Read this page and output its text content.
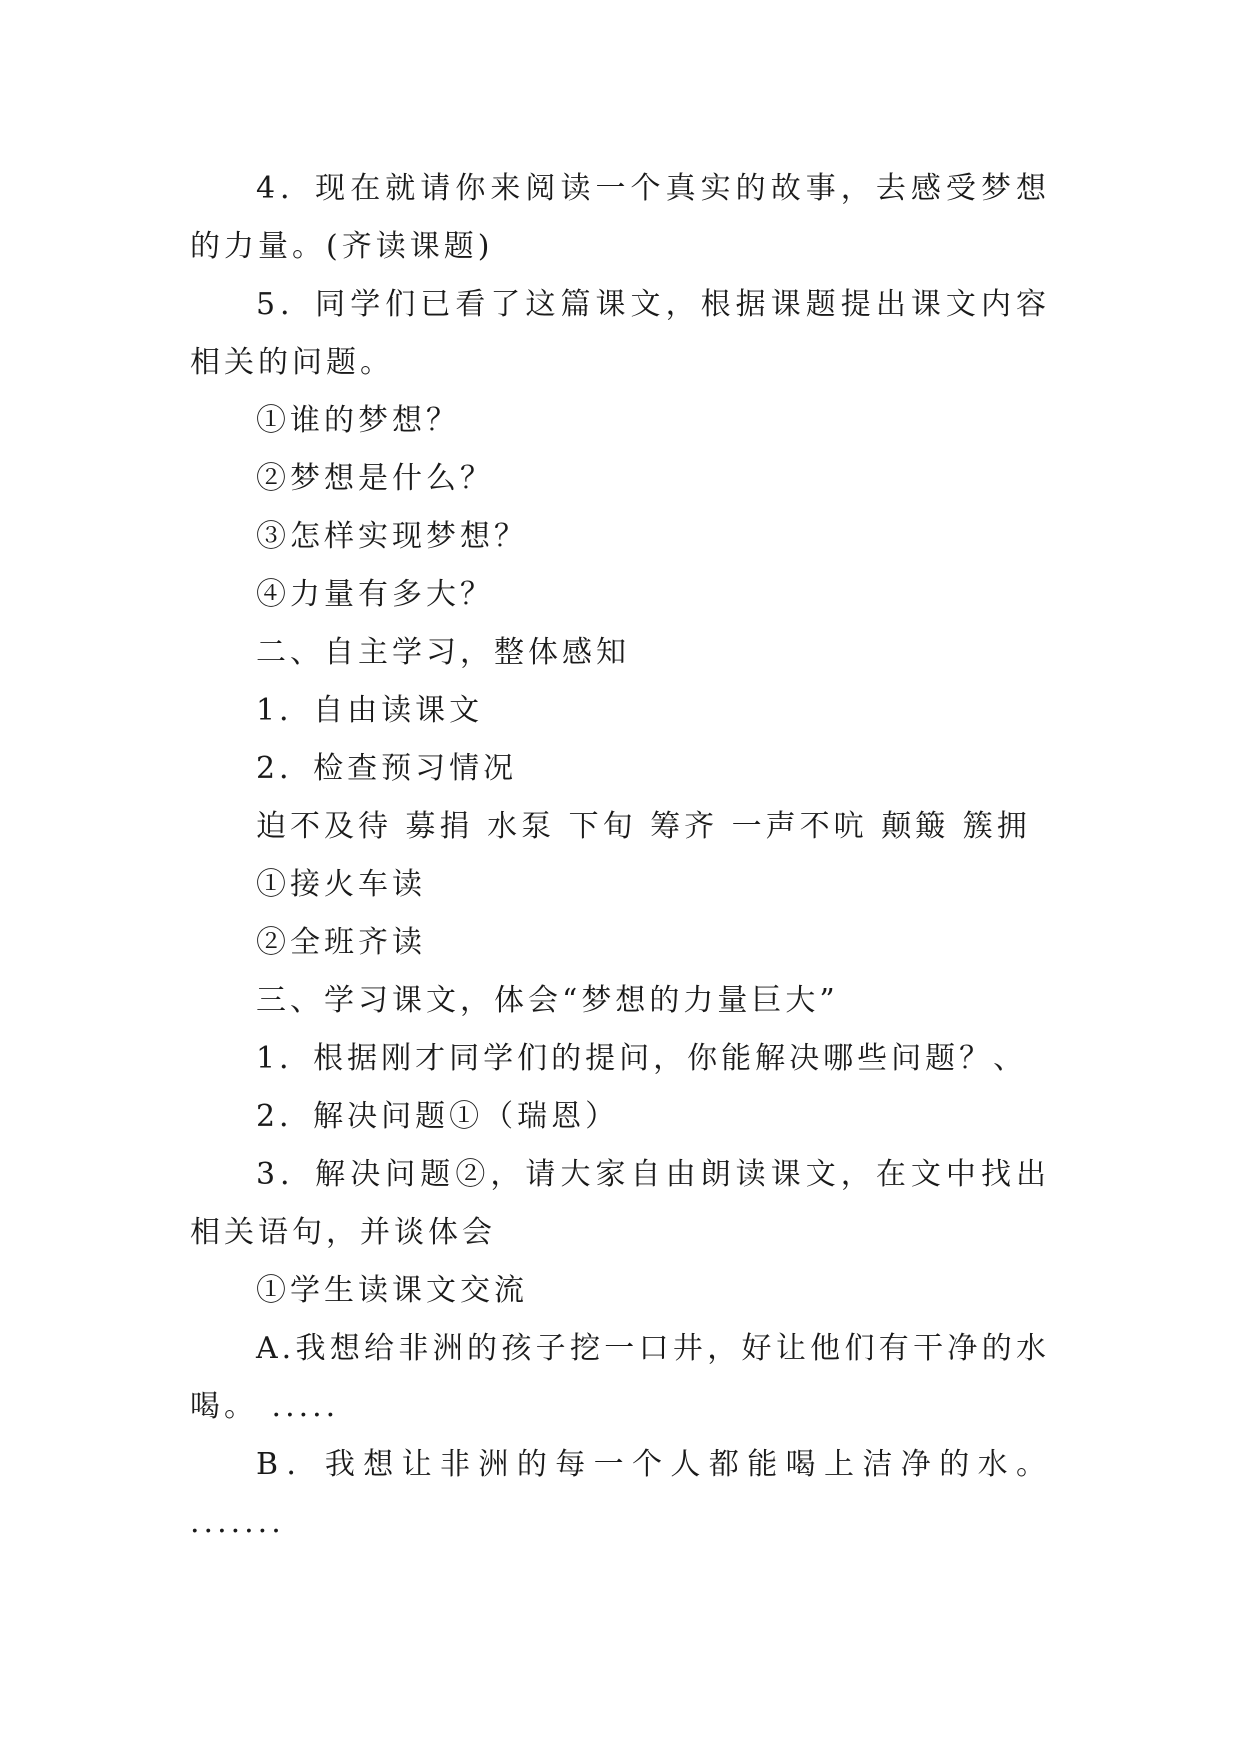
4．现在就请你来阅读一个真实的故事，去感受梦想的力量。(齐读课题)

5．同学们已看了这篇课文，根据课题提出课文内容相关的问题。

①谁的梦想？

②梦想是什么？

③怎样实现梦想？

④力量有多大？

二、自主学习，整体感知

1．自由读课文

2．检查预习情况

迫不及待 募捐 水泵 下旬 筹齐 一声不吭 颠簸 簇拥

①接火车读

②全班齐读

三、学习课文，体会“梦想的力量巨大”

1．根据刚才同学们的提问，你能解决哪些问题？、

2．解决问题①（瑞恩）

3．解决问题②，请大家自由朗读课文，在文中找出相关语句，并谈体会

①学生读课文交流

A.我想给非洲的孩子挖一口井，好让他们有干净的水喝。 .....

B．我想让非洲的每一个人都能喝上洁净的水。 .......
